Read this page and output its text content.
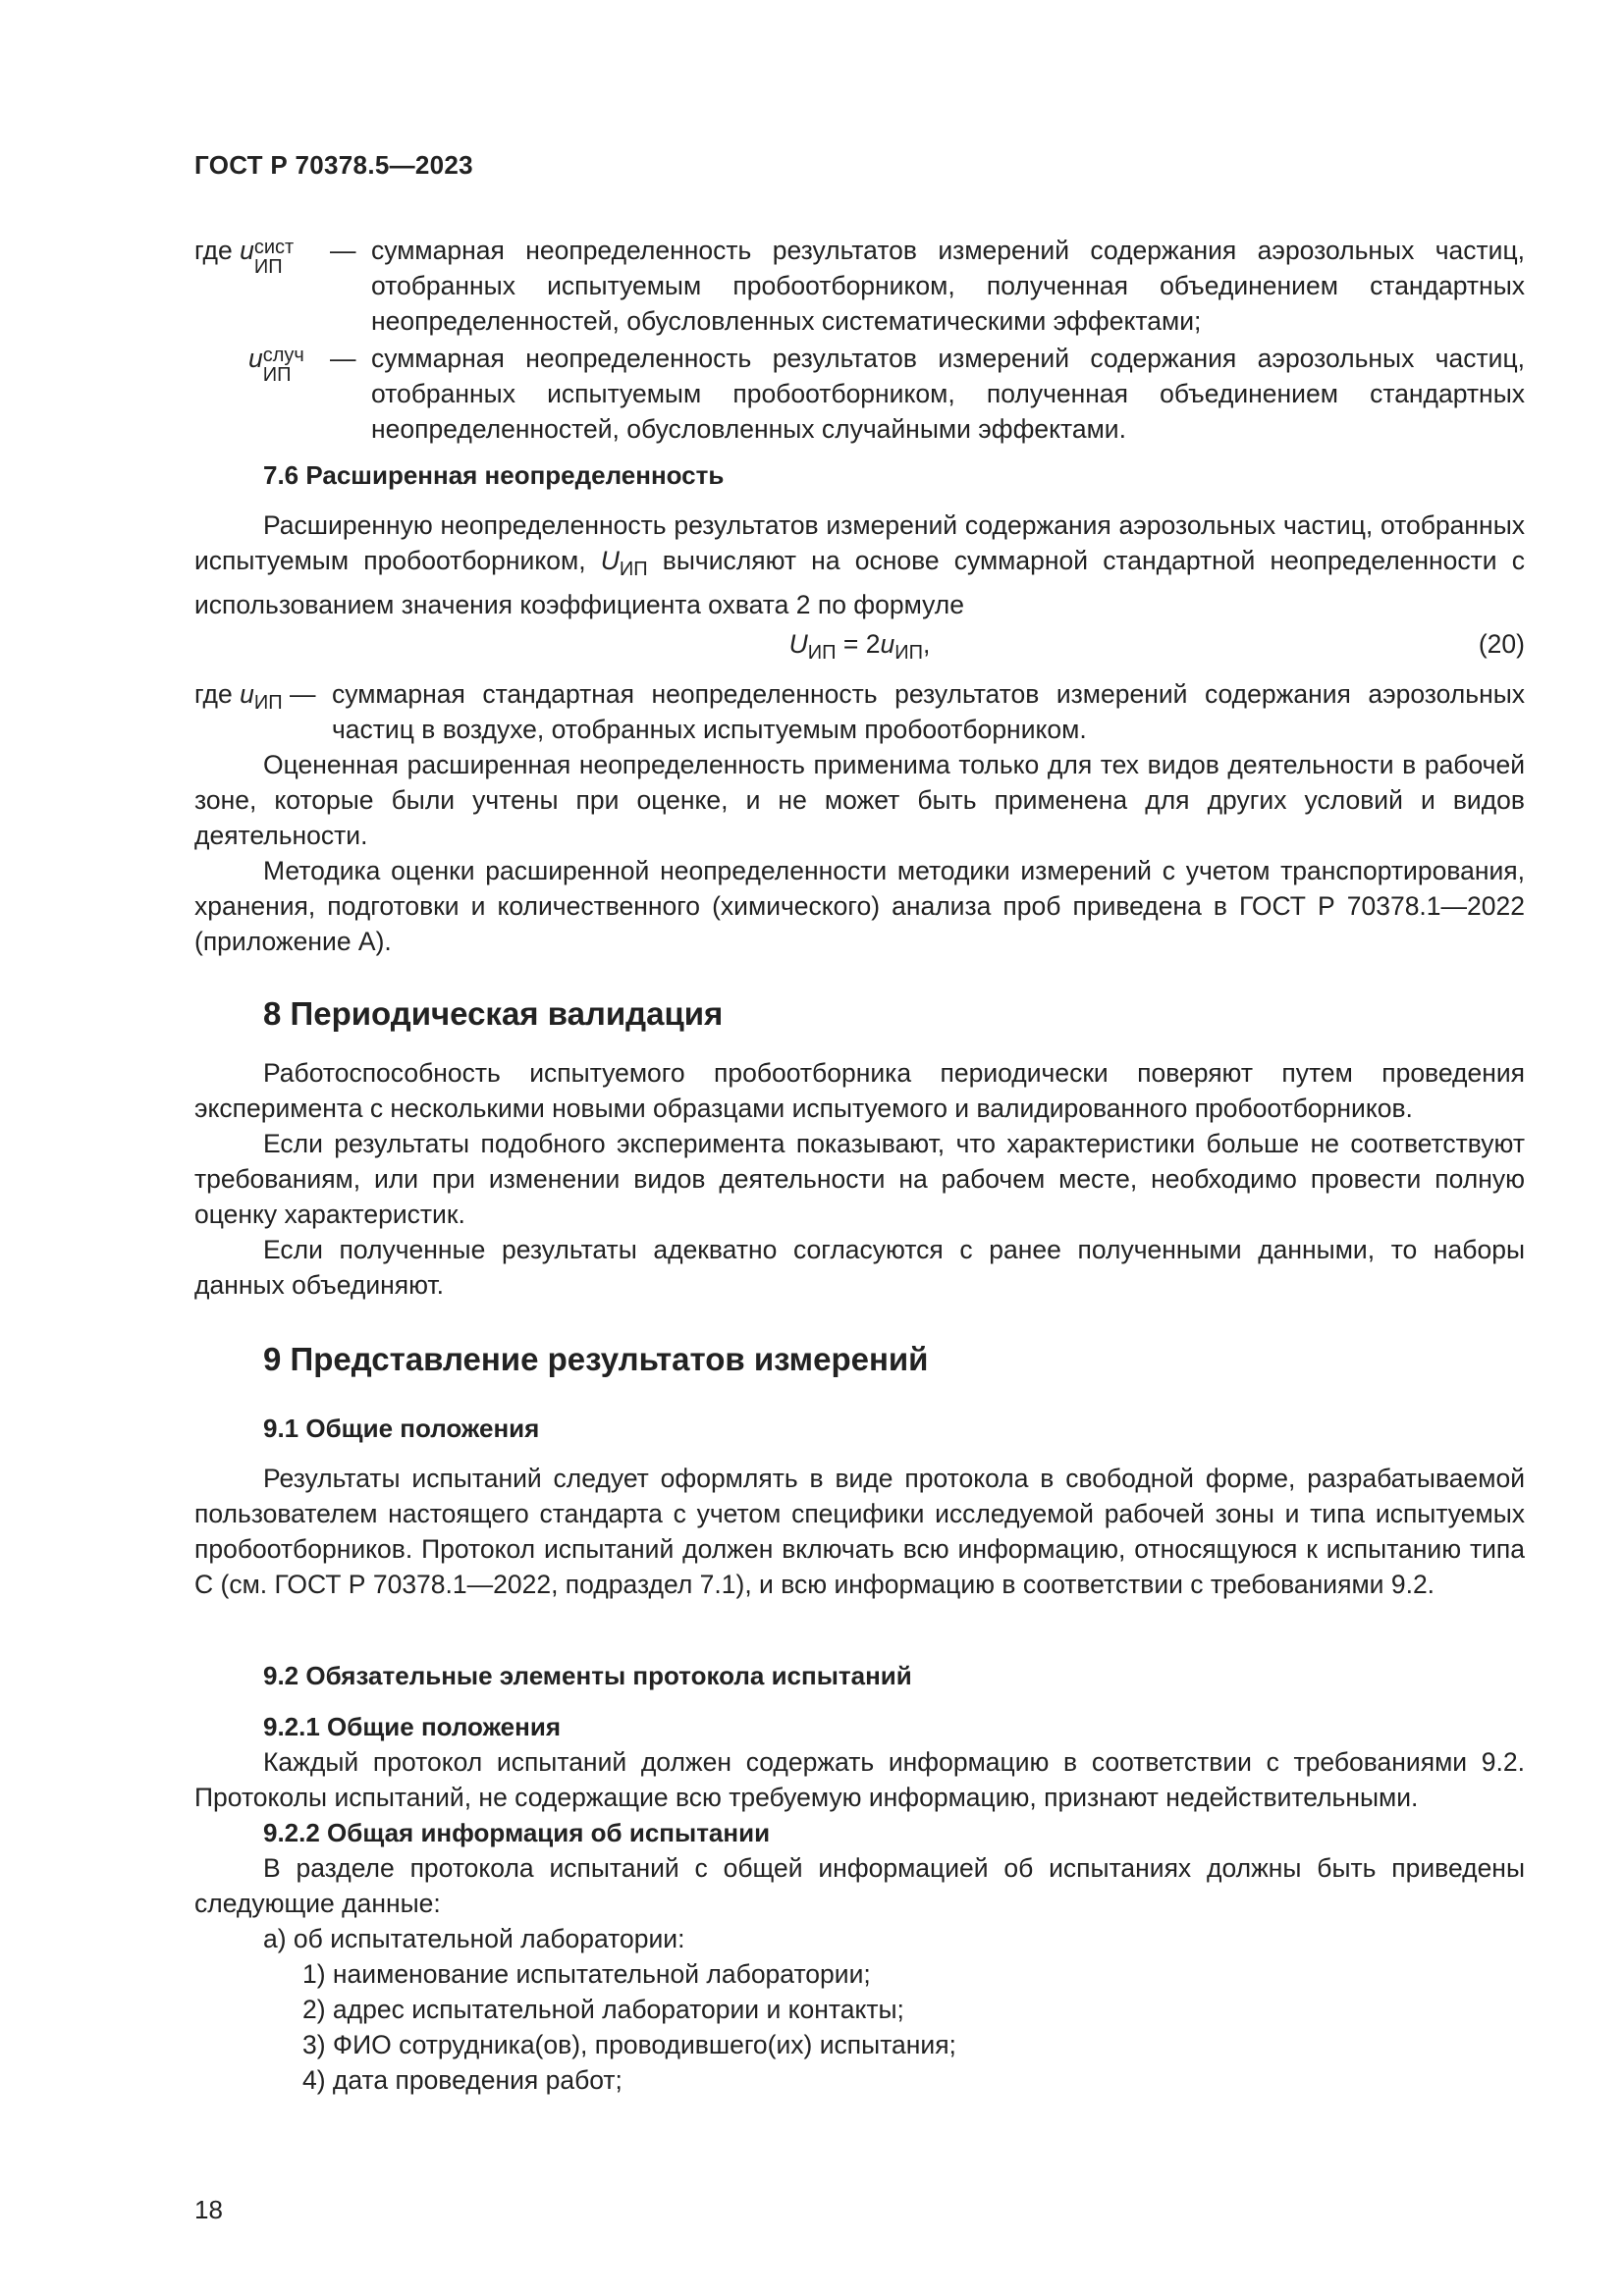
ГОСТ Р 70378.5—2023
где u сист
ИП
— суммарная неопределенность результатов измерений содержания аэрозольных частиц, отобранных испытуемым пробоотборником, полученная объединением стандартных неопределенностей, обусловленных систематическими эффектами;
u случ
ИП
— суммарная неопределенность результатов измерений содержания аэрозольных частиц, отобранных испытуемым пробоотборником, полученная объединением стандартных неопределенностей, обусловленных случайными эффектами.
7.6 Расширенная неопределенность

Расширенную неопределенность результатов измерений содержания аэрозольных частиц, отобранных испытуемым пробоотборником, $U_{ИП}$ вычисляют на основе суммарной стандартной неопределенности с использованием значения коэффициента охвата 2 по формуле

$U_{ИП} = 2u_{ИП}$,	(20)
где $u_{ИП}$ — суммарная стандартная неопределенность результатов измерений содержания аэрозольных частиц в воздухе, отобранных испытуемым пробоотборником.

Оцененная расширенная неопределенность применима только для тех видов деятельности в рабочей зоне, которые были учтены при оценке, и не может быть применена для других условий и видов деятельности.

Методика оценки расширенной неопределенности методики измерений с учетом транспортирования, хранения, подготовки и количественного (химического) анализа проб приведена в ГОСТ Р 70378.1—2022 (приложение А).

8 Периодическая валидация

Работоспособность испытуемого пробоотборника периодически поверяют путем проведения эксперимента с несколькими новыми образцами испытуемого и валидированного пробоотборников.

Если результаты подобного эксперимента показывают, что характеристики больше не соответствуют требованиям, или при изменении видов деятельности на рабочем месте, необходимо провести полную оценку характеристик.

Если полученные результаты адекватно согласуются с ранее полученными данными, то наборы данных объединяют.

9 Представление результатов измерений
9.1 Общие положения

Результаты испытаний следует оформлять в виде протокола в свободной форме, разрабатываемой пользователем настоящего стандарта с учетом специфики исследуемой рабочей зоны и типа испытуемых пробоотборников. Протокол испытаний должен включать всю информацию, относящуюся к испытанию типа С (см. ГОСТ Р 70378.1—2022, подраздел 7.1), и всю информацию в соответствии с требованиями 9.2.

9.2 Обязательные элементы протокола испытаний
9.2.1 Общие положения

Каждый протокол испытаний должен содержать информацию в соответствии с требованиями 9.2. Протоколы испытаний, не содержащие всю требуемую информацию, признают недействительными.

9.2.2 Общая информация об испытании

В разделе протокола испытаний с общей информацией об испытаниях должны быть приведены следующие данные:

а) об испытательной лаборатории:
1) наименование испытательной лаборатории;
2) адрес испытательной лаборатории и контакты;
3) ФИО сотрудника(ов), проводившего(их) испытания;
4) дата проведения работ;
18
